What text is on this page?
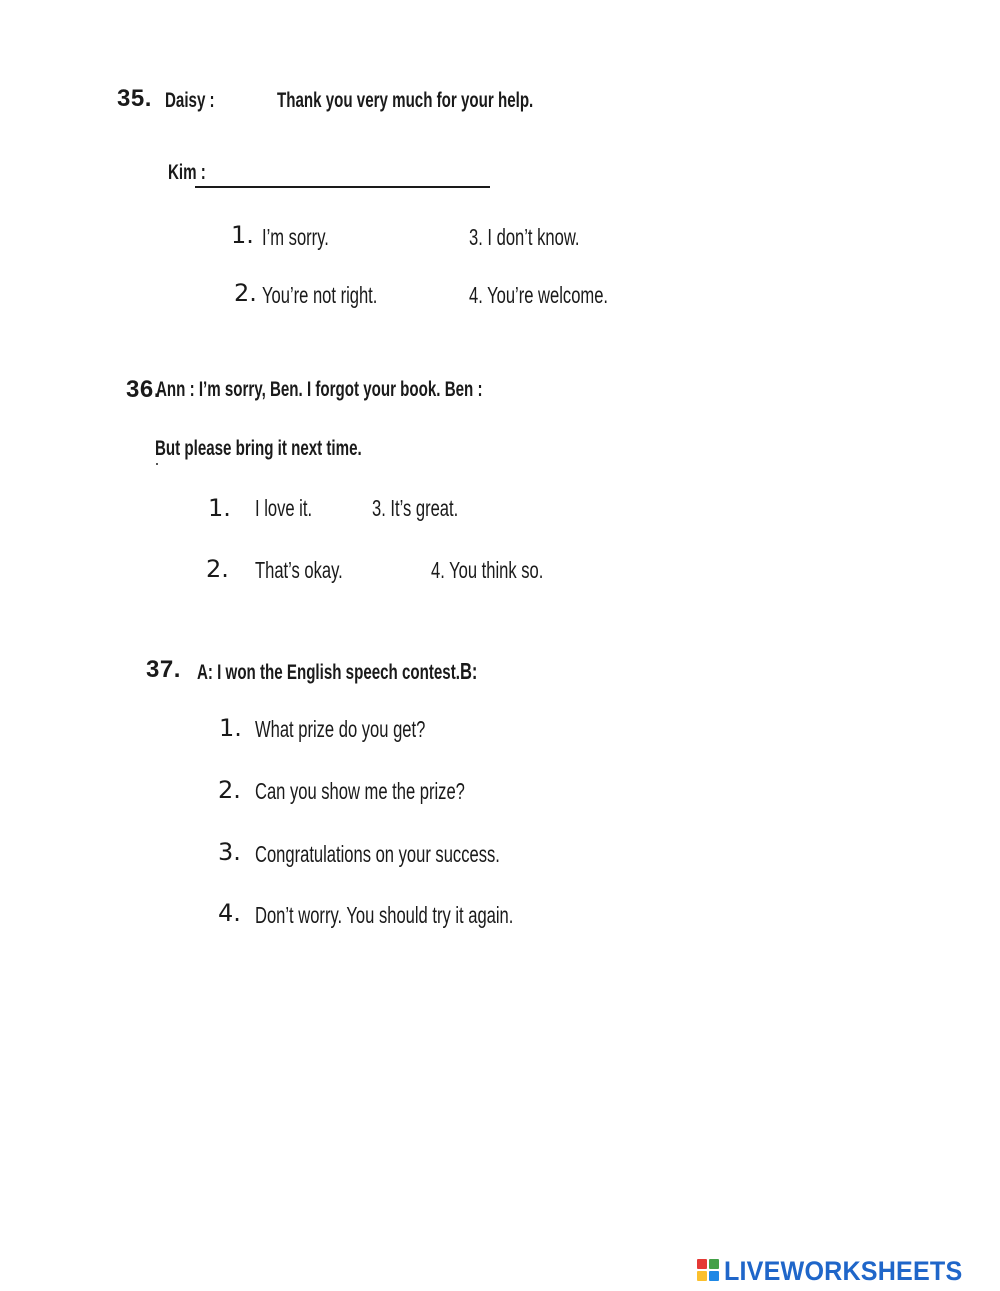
35. Daisy :	Thank you very much for your help.
Kim :
1. I’m sorry.
2. You’re not right.
3. I don’t know.
4. You’re welcome.
36.
Ann : I’m sorry, Ben. I forgot your book. Ben :
But please bring it next time.
1. I love it.
2. That’s okay.
3. It’s great.
4. You think so.
37. A: I won the English speech contest.B:
1. What prize do you get?
2. Can you show me the prize?
3. Congratulations on your success.
4. Don’t worry. You should try it again.
LIVEWORKSHEETS
